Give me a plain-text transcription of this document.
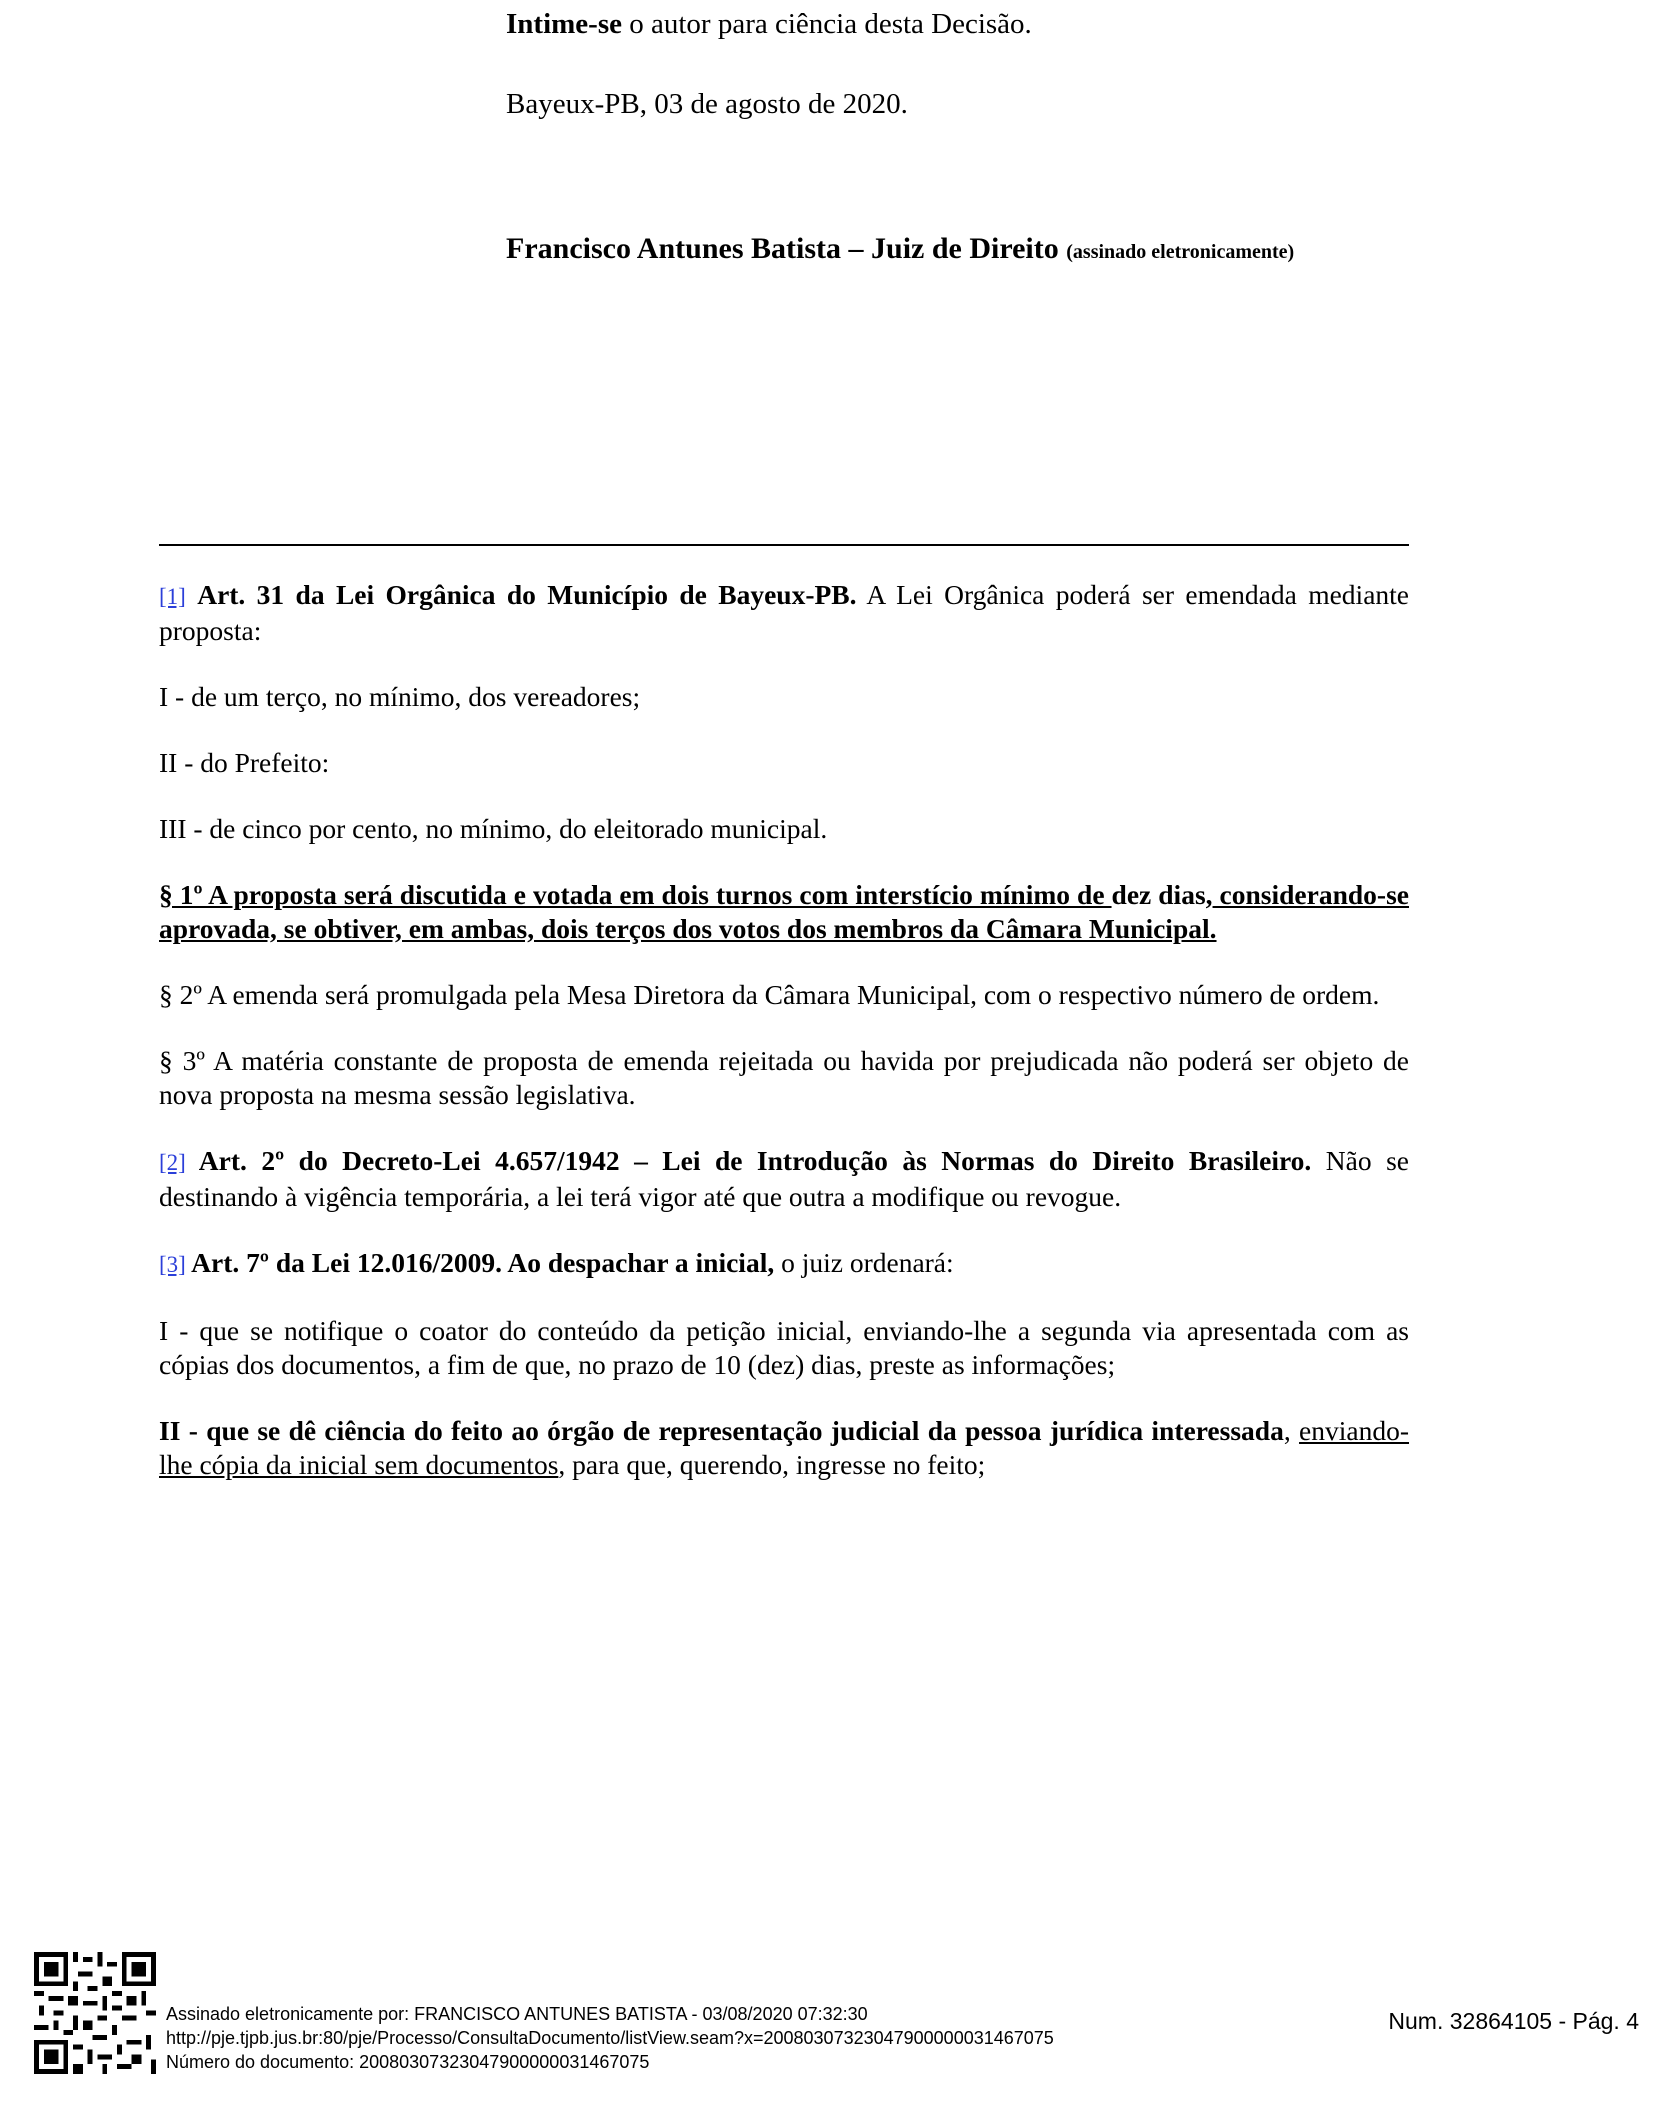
Intime-se o autor para ciência desta Decisão.
Bayeux-PB, 03 de agosto de 2020.
Francisco Antunes Batista – Juiz de Direito (assinado eletronicamente)

[1] Art. 31 da Lei Orgânica do Município de Bayeux-PB. A Lei Orgânica poderá ser emendada mediante proposta:

I - de um terço, no mínimo, dos vereadores;

II - do Prefeito:

III - de cinco por cento, no mínimo, do eleitorado municipal.

§ 1º A proposta será discutida e votada em dois turnos com interstício mínimo de dez dias, considerando-se aprovada, se obtiver, em ambas, dois terços dos votos dos membros da Câmara Municipal.

§ 2º A emenda será promulgada pela Mesa Diretora da Câmara Municipal, com o respectivo número de ordem.

§ 3º A matéria constante de proposta de emenda rejeitada ou havida por prejudicada não poderá ser objeto de nova proposta na mesma sessão legislativa.

[2] Art. 2º do Decreto-Lei 4.657/1942 – Lei de Introdução às Normas do Direito Brasileiro. Não se destinando à vigência temporária, a lei terá vigor até que outra a modifique ou revogue.

[3] Art. 7º da Lei 12.016/2009. Ao despachar a inicial, o juiz ordenará:

I - que se notifique o coator do conteúdo da petição inicial, enviando-lhe a segunda via apresentada com as cópias dos documentos, a fim de que, no prazo de 10 (dez) dias, preste as informações;

II - que se dê ciência do feito ao órgão de representação judicial da pessoa jurídica interessada, enviando-lhe cópia da inicial sem documentos, para que, querendo, ingresse no feito;

Assinado eletronicamente por: FRANCISCO ANTUNES BATISTA - 03/08/2020 07:32:30
http://pje.tjpb.jus.br:80/pje/Processo/ConsultaDocumento/listView.seam?x=20080307323047900000031467075
Número do documento: 20080307323047900000031467075
Num. 32864105 - Pág. 4
